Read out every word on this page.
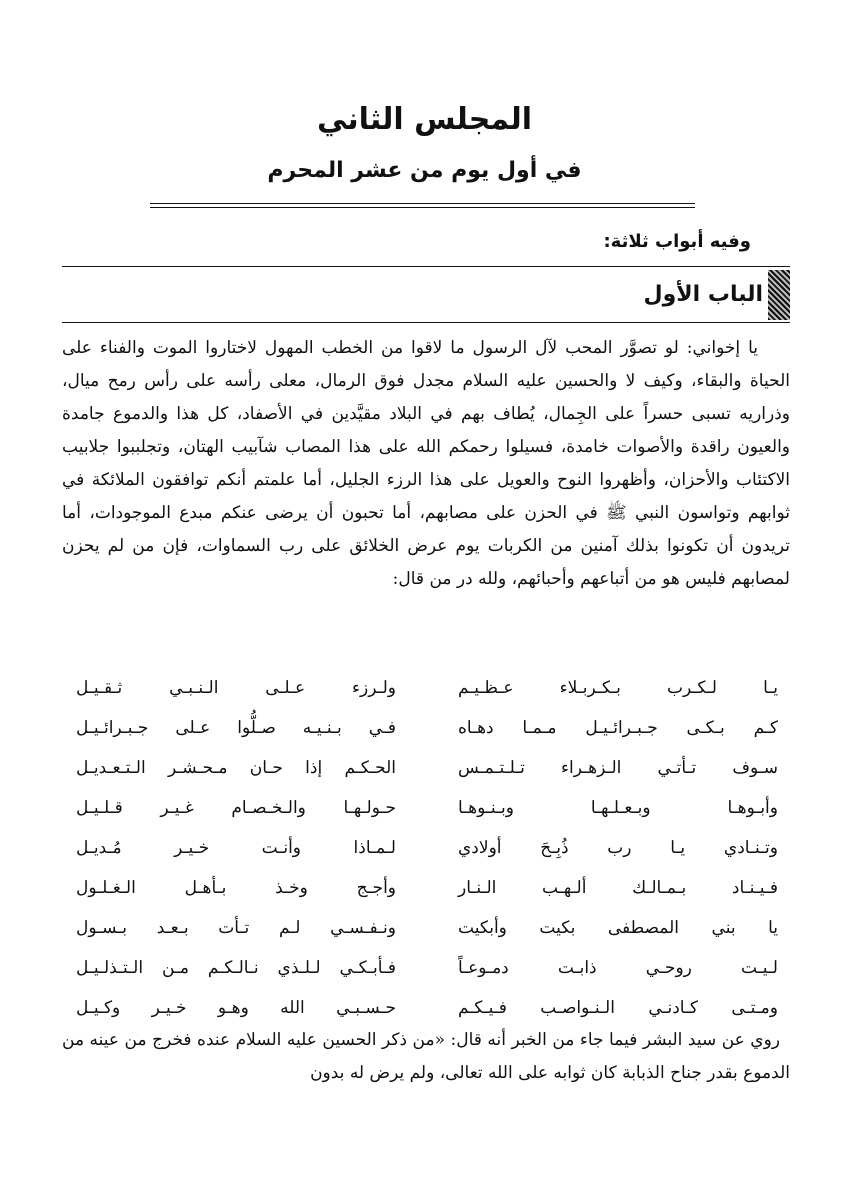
المجلس الثاني
في أول يوم من عشر المحرم
وفيه أبواب ثلاثة:
الباب الأول

يا إخواني: لو تصوَّر المحب لآل الرسول ما لاقوا من الخطب المهول لاختاروا الموت والفناء على الحياة والبقاء، وكيف لا والحسين عليه السلام مجدل فوق الرمال، معلى رأسه على رأس رمح ميال، وذراريه تسبى حسراً على الجِمال، يُطاف بهم في البلاد مقيَّدين في الأصفاد، كل هذا والدموع جامدة والعيون راقدة والأصوات خامدة، فسيلوا رحمكم الله على هذا المصاب شآبيب الهتان، وتجلببوا جلابيب الاكتئاب والأحزان، وأظهروا النوح والعويل على هذا الرزء الجليل، أما علمتم أنكم توافقون الملائكة في ثوابهم وتواسون النبي ﷺ في الحزن على مصابهم، أما تحبون أن يرضى عنكم مبدع الموجودات، أما تريدون أن تكونوا بذلك آمنين من الكربات يوم عرض الخلائق على رب السماوات، فإن من لم يحزن لمصابهم فليس هو من أتباعهم وأحبائهم، ولله در من قال:

يـا لـكـرب بـكـربـلاء عـظـيـم
ولـرزء عـلـى الـنـبـي ثـقـيـل
كـم بـكـى جـبـرائـيـل مـمـا دهـاه
فـي بـنـيـه صـلُّوا عـلى جـبـرائـيـل
سـوف تـأتـي الـزهـراء تـلـتـمـس
الحـكـم إذا حـان مـحـشـر الـتـعـديـل
وأبـوهـا وبـعـلـهـا وبـنـوهـا
حـولـهـا والـخـصـام غـيـر قـلـيـل
وتـنـادي يـا رب ذُبِـحَ أولادي
لـمـاذا وأنـت خـيـر مُـديـل
فـيـنـاد بـمـالـك ألـهـب الـنـار
وأجـج وخـذ بـأهـل الـغـلـول
يا بني المصطفى بكيت وأبكيت
ونـفـسـي لـم تـأت بـعـد بـسـول
لـيـت روحـي ذابـت دمـوعـاً
فـأبـكـي لـلـذي نـالـكـم مـن الـتـذلـيـل
ومـتـى كـادنـي الـنـواصـب فـيـكـم
حـسـبـي الله وهـو خـيـر وكـيـل

روي عن سيد البشر فيما جاء من الخبر أنه قال: «من ذكر الحسين عليه السلام عنده فخرج من عينه من الدموع بقدر جناح الذبابة كان ثوابه على الله تعالى، ولم يرض له بدون
